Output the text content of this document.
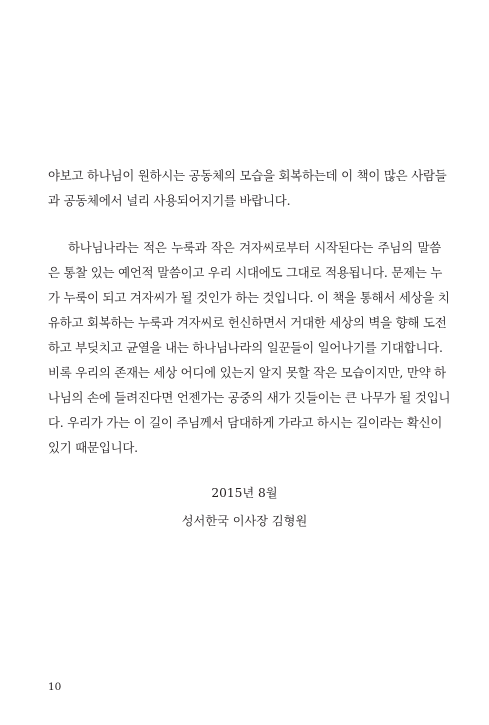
야보고 하나님이 원하시는 공동체의 모습을 회복하는데 이 책이 많은 사람들
과 공동체에서 널리 사용되어지기를 바랍니다.
하나님나라는 적은 누룩과 작은 겨자씨로부터 시작된다는 주님의 말씀
은 통찰 있는 예언적 말씀이고 우리 시대에도 그대로 적용됩니다. 문제는 누
가 누룩이 되고 겨자씨가 될 것인가 하는 것입니다. 이 책을 통해서 세상을 치
유하고 회복하는 누룩과 겨자씨로 헌신하면서 거대한 세상의 벽을 향해 도전
하고 부딪치고 균열을 내는 하나님나라의 일꾼들이 일어나기를 기대합니다.
비록 우리의 존재는 세상 어디에 있는지 알지 못할 작은 모습이지만, 만약 하
나님의 손에 들려진다면 언젠가는 공중의 새가 깃들이는 큰 나무가 될 것입니
다. 우리가 가는 이 길이 주님께서 담대하게 가라고 하시는 길이라는 확신이
있기 때문입니다.
2015년 8월
성서한국 이사장 김형원
10
